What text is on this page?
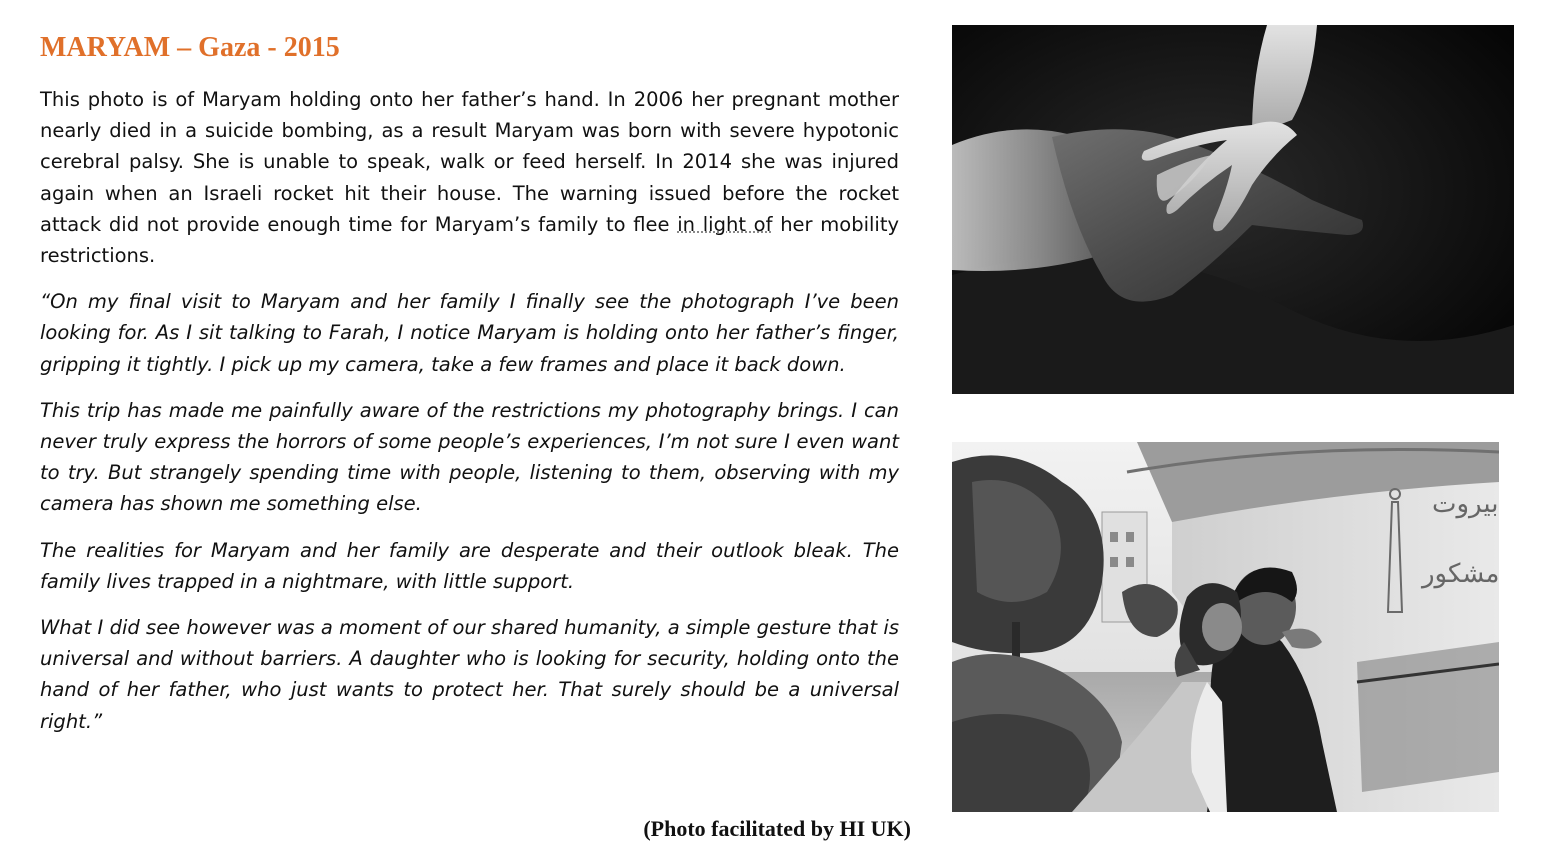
MARYAM – Gaza - 2015

This photo is of Maryam holding onto her father’s hand. In 2006 her pregnant mother nearly died in a suicide bombing, as a result Maryam was born with severe hypotonic cerebral palsy. She is unable to speak, walk or feed herself. In 2014 she was injured again when an Israeli rocket hit their house. The warning issued before the rocket attack did not provide enough time for Maryam’s family to flee in light of her mobility restrictions.

“On my final visit to Maryam and her family I finally see the photograph I’ve been looking for. As I sit talking to Farah, I notice Maryam is holding onto her father’s finger, gripping it tightly. I pick up my camera, take a few frames and place it back down.

This trip has made me painfully aware of the restrictions my photography brings. I can never truly express the horrors of some people’s experiences, I’m not sure I even want to try. But strangely spending time with people, listening to them, observing with my camera has shown me something else.

The realities for Maryam and her family are desperate and their outlook bleak. The family lives trapped in a nightmare, with little support.

What I did see however was a moment of our shared humanity, a simple gesture that is universal and without barriers. A daughter who is looking for security, holding onto the hand of her father, who just wants to protect her. That surely should be a universal right.”

(Photo facilitated by HI UK)
بيروت
مشكور
